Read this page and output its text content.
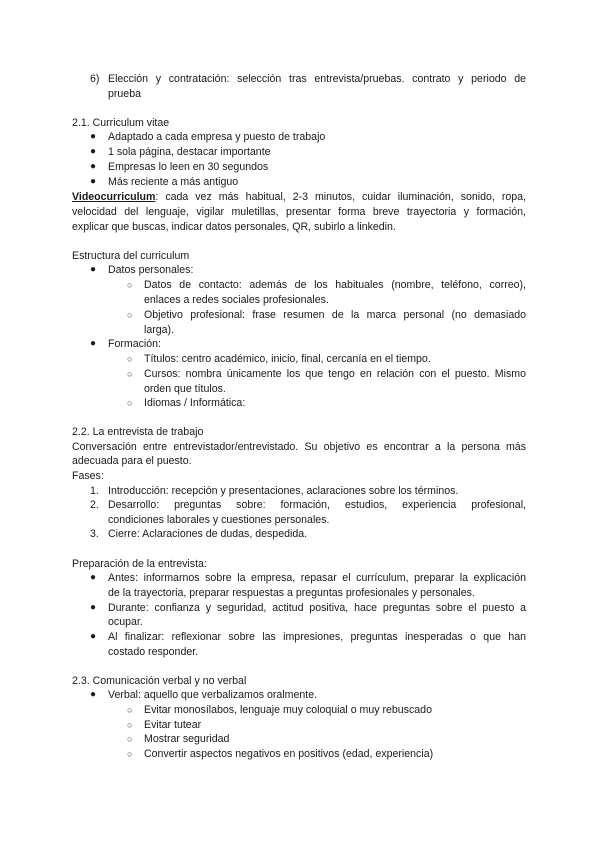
6) Elección y contratación: selección tras entrevista/pruebas. contrato y periodo de
prueba
2.1. Curriculum vitae
● Adaptado a cada empresa y puesto de trabajo
● 1 sola página, destacar importante
● Empresas lo leen en 30 segundos
● Más reciente a más antiguo
Videocurriculum: cada vez más habitual, 2-3 minutos, cuidar iluminación, sonido, ropa,
velocidad del lenguaje, vigilar muletillas, presentar forma breve trayectoria y formación,
explicar que buscas, indicar datos personales, QR, subirlo a linkedin.
Estructura del curriculum
● Datos personales:
○ Datos de contacto: además de los habituales (nombre, teléfono, correo),
enlaces a redes sociales profesionales.
○ Objetivo profesional: frase resumen de la marca personal (no demasiado
larga).
● Formación:
○ Títulos: centro académico, inicio, final, cercanía en el tiempo.
○ Cursos: nombra únicamente los que tengo en relación con el puesto. Mismo
orden que títulos.
○ Idiomas / Informática:
2.2. La entrevista de trabajo
Conversación entre entrevistador/entrevistado. Su objetivo es encontrar a la persona más
adecuada para el puesto.
Fases:
1. Introducción: recepción y presentaciones, aclaraciones sobre los términos.
2. Desarrollo: preguntas sobre: formación, estudios, experiencia profesional,
condiciones laborales y cuestiones personales.
3. Cierre: Aclaraciones de dudas, despedida.
Preparación de la entrevista:
● Antes: informarnos sobre la empresa, repasar el currículum, preparar la explicación
de la trayectoria, preparar respuestas a preguntas profesionales y personales.
● Durante: confianza y seguridad, actitud positiva, hace preguntas sobre el puesto a
ocupar.
● Al finalizar: reflexionar sobre las impresiones, preguntas inesperadas o que han
costado responder.
2.3. Comunicación verbal y no verbal
● Verbal: aquello que verbalizamos oralmente.
○ Evitar monosílabos, lenguaje muy coloquial o muy rebuscado
○ Evitar tutear
○ Mostrar seguridad
○ Convertir aspectos negativos en positivos (edad, experiencia)
